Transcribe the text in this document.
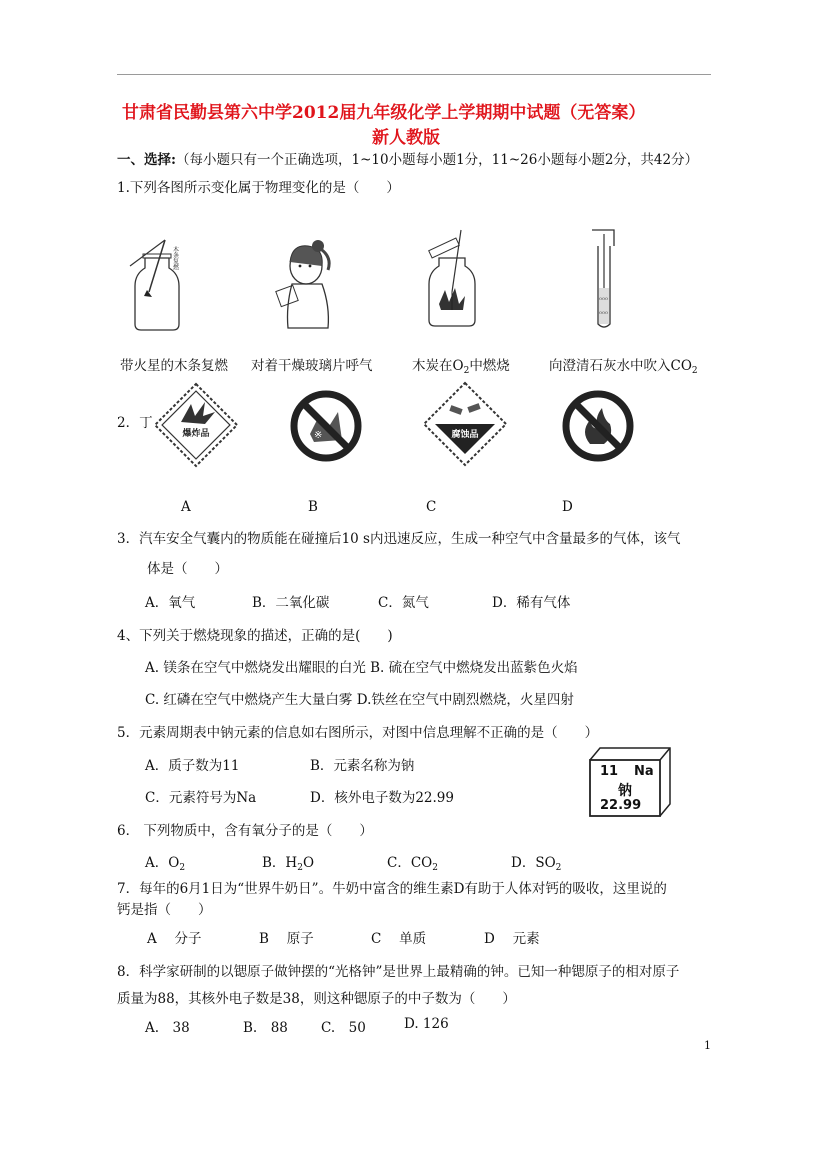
甘肃省民勤县第六中学2012届九年级化学上学期期中试题（无答案）
新人教版
一、选择:（每小题只有一个正确选项，1~10小题每小题1分，11~26小题每小题2分，共42分）
1.下列各图所示变化属于物理变化的是（　　）
木条复燃
ooo
ooo
带火星的木条复燃 对着干燥玻璃片呼气	木炭在$O_2$中燃烧	向澄清石灰水中吹入$CO_2$
2．丁
爆炸品	※	腐蚀品
A	B	C	D
3．汽车安全气囊内的物质能在碰撞后10 s内迅速反应，生成一种空气中含量最多的气体，该气
体是（　　）
A．氧气	B．二氧化碳	C．氮气	D．稀有气体
4、下列关于燃烧现象的描述，正确的是(　　)
A. 镁条在空气中燃烧发出耀眼的白光 B. 硫在空气中燃烧发出蓝紫色火焰
C. 红磷在空气中燃烧产生大量白雾 D.铁丝在空气中剧烈燃烧，火星四射
5．元素周期表中钠元素的信息如右图所示，对图中信息理解不正确的是（　　）
A．质子数为11	B．元素名称为钠
C．元素符号为Na	D．核外电子数为22.99
11 Na
钠
22.99
6． 下列物质中，含有氧分子的是（　　）
A．$O_2$	B．$H_2O$	C．$CO_2$	D．$SO_2$
7．每年的6月1日为“世界牛奶日”。牛奶中富含的维生素D有助于人体对钙的吸收，这里说的
钙是指（　　）
A　 分子	B　 原子	C　 单质	D　 元素
8．科学家研制的以锶原子做钟摆的“光格钟”是世界上最精确的钟。已知一种锶原子的相对原子
质量为88，其核外电子数是38，则这种锶原子的中子数为（　　）
A.　38	B.　88 C.　50	D. 126
1
